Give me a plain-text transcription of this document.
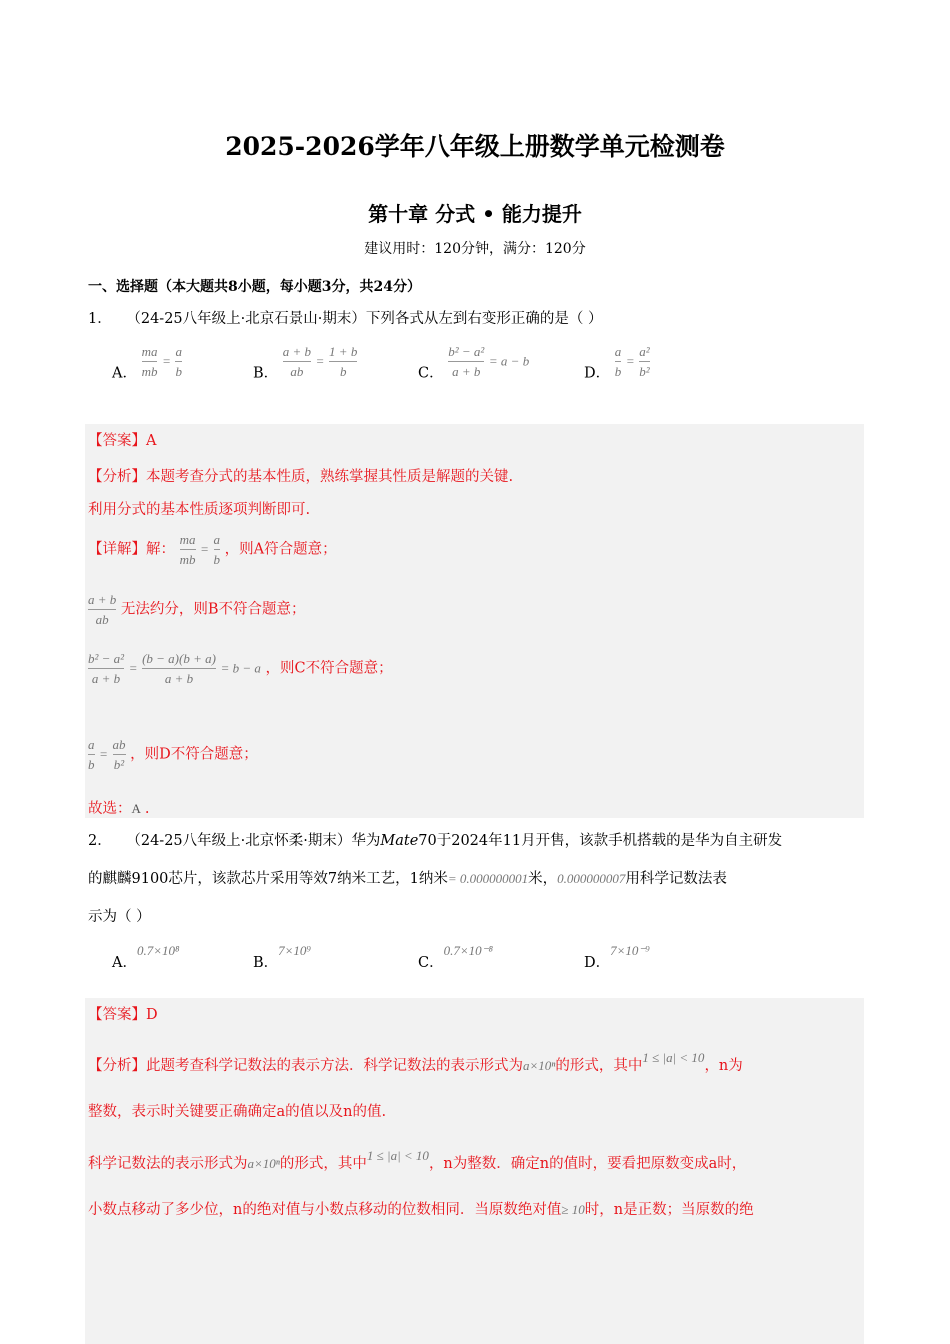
2025-2026学年八年级上册数学单元检测卷
第十章 分式 • 能力提升
建议用时：120分钟，满分：120分
一、选择题（本大题共8小题，每小题3分，共24分）
1． （24-25八年级上·北京石景山·期末）下列各式从左到右变形正确的是（ ）
A． $\frac{ma}{mb} = \frac{a}{b}$	B． $\frac{a + b}{ab} = \frac{1 + b}{b}$	C． $\frac{\text{b² − a²}}{a + b} = a - b$
D． $\frac{a}{b} = \frac{\text{a²}}{\text{b²}}$
【答案】A
【分析】本题考查分式的基本性质，熟练掌握其性质是解题的关键.
利用分式的基本性质逐项判断即可.
【详解】解： $\frac{ma}{mb} = \frac{a}{b}$ ，则A符合题意；
$\frac{a + b}{ab}$ 无法约分，则B不符合题意；
$\frac{\text{b² − a²}}{a + b} = \frac{(b - a)(b + a)}{a + b} = b - a$ ，则C不符合题意；
$\frac{a}{b} = \frac{ab}{\text{b²}}$ ，则D不符合题意；
故选：A .
2． （24-25八年级上·北京怀柔·期末）华为Mate70于2024年11月开售，该款手机搭载的是华为自主研发
的麒麟9100芯片，该款芯片采用等效7纳米工艺，1纳米= 0.000000001米，0.000000007用科学记数法表
示为（ ）
A．0.7×10⁸
B．7×10⁹
C．0.7×10⁻⁸
D．7×10⁻⁹
【答案】D
【分析】此题考查科学记数法的表示方法．科学记数法的表示形式为a×10ⁿ的形式，其中1 ≤ |a| < 10，n为
整数，表示时关键要正确确定a的值以及n的值.
科学记数法的表示形式为a×10ⁿ的形式，其中1 ≤ |a| < 10，n为整数．确定n的值时，要看把原数变成a时，
小数点移动了多少位，n的绝对值与小数点移动的位数相同．当原数绝对值≥ 10时，n是正数；当原数的绝
